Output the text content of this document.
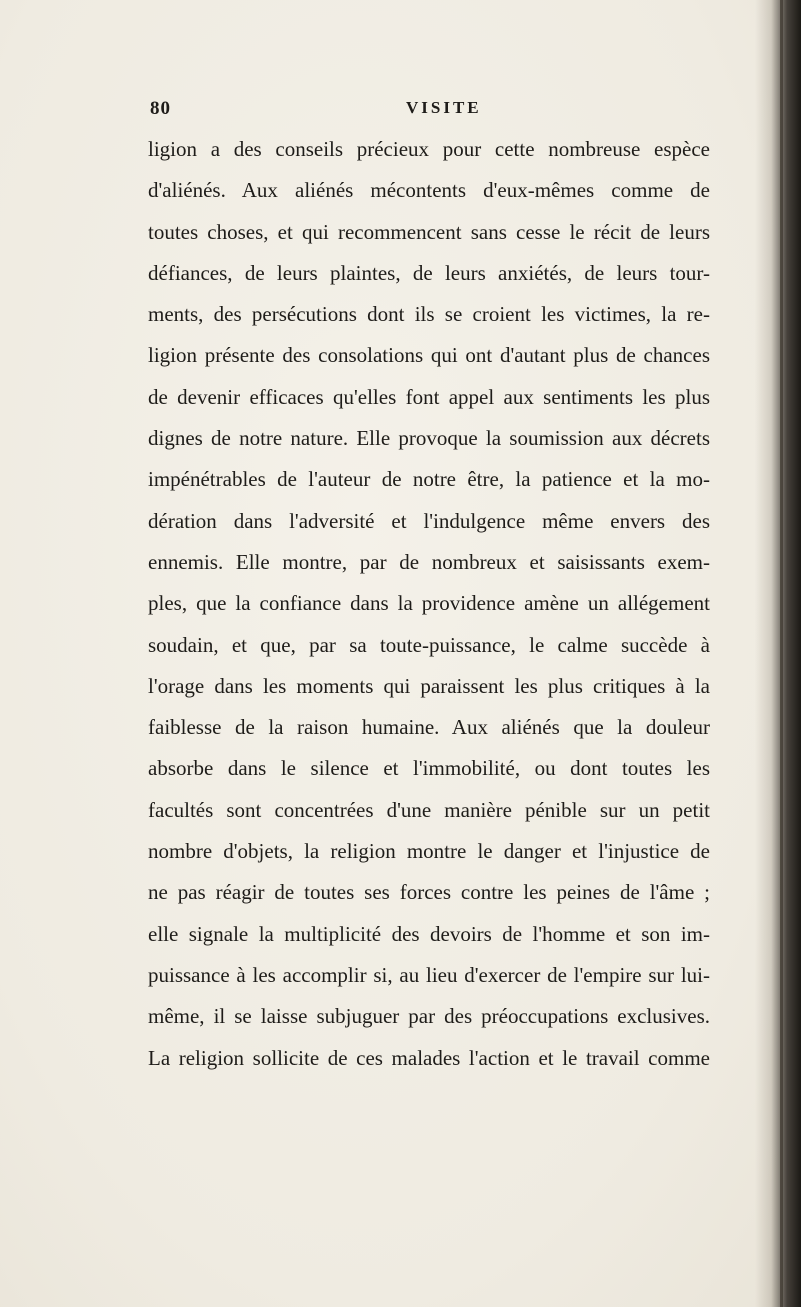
80	VISITE
ligion a des conseils précieux pour cette nombreuse espèce
d'aliénés. Aux aliénés mécontents d'eux-mêmes comme de
toutes choses, et qui recommencent sans cesse le récit de leurs
défiances, de leurs plaintes, de leurs anxiétés, de leurs tour-
ments, des persécutions dont ils se croient les victimes, la re-
ligion présente des consolations qui ont d'autant plus de chances
de devenir efficaces qu'elles font appel aux sentiments les plus
dignes de notre nature. Elle provoque la soumission aux décrets
impénétrables de l'auteur de notre être, la patience et la mo-
dération dans l'adversité et l'indulgence même envers des
ennemis. Elle montre, par de nombreux et saisissants exem-
ples, que la confiance dans la providence amène un allégement
soudain, et que, par sa toute-puissance, le calme succède à
l'orage dans les moments qui paraissent les plus critiques à la
faiblesse de la raison humaine. Aux aliénés que la douleur
absorbe dans le silence et l'immobilité, ou dont toutes les
facultés sont concentrées d'une manière pénible sur un petit
nombre d'objets, la religion montre le danger et l'injustice de
ne pas réagir de toutes ses forces contre les peines de l'âme ;
elle signale la multiplicité des devoirs de l'homme et son im-
puissance à les accomplir si, au lieu d'exercer de l'empire sur lui-
même, il se laisse subjuguer par des préoccupations exclusives.
La religion sollicite de ces malades l'action et le travail comme
